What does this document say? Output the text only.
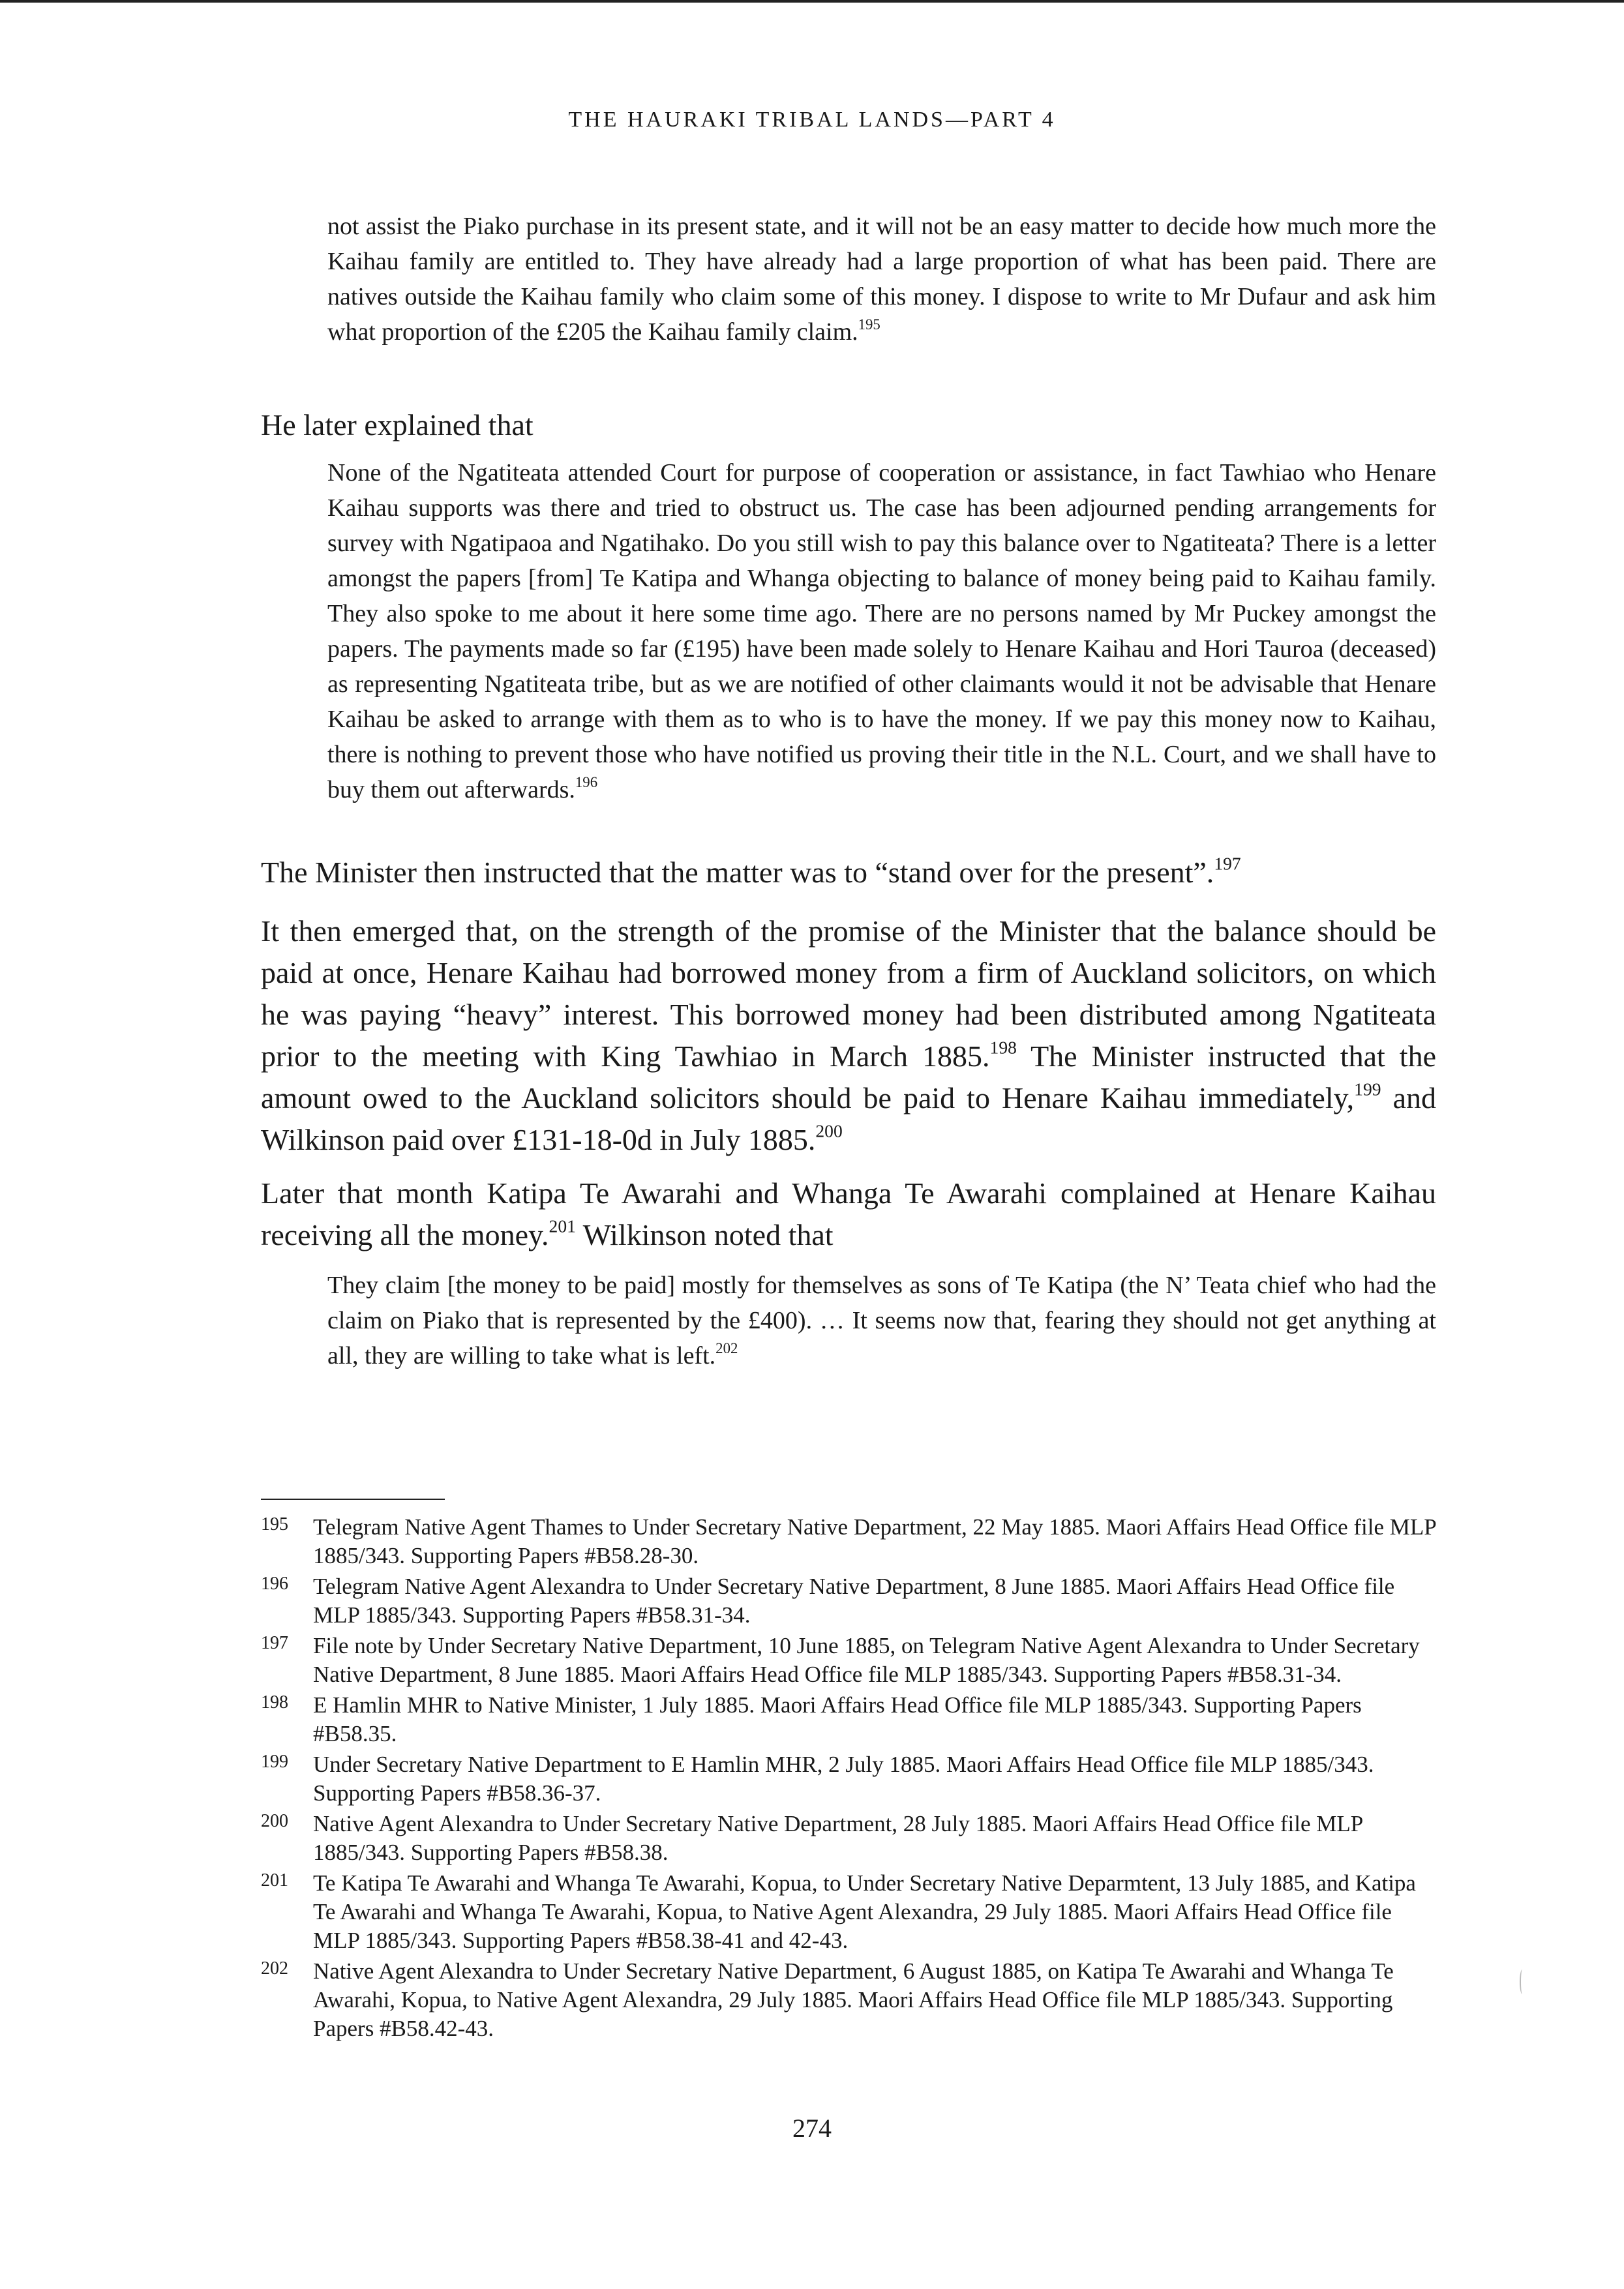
THE HAURAKI TRIBAL LANDS—PART 4

not assist the Piako purchase in its present state, and it will not be an easy matter to decide how much more the Kaihau family are entitled to. They have already had a large proportion of what has been paid. There are natives outside the Kaihau family who claim some of this money. I dispose to write to Mr Dufaur and ask him what proportion of the £205 the Kaihau family claim.$^{195}$

He later explained that

None of the Ngatiteata attended Court for purpose of cooperation or assistance, in fact Tawhiao who Henare Kaihau supports was there and tried to obstruct us. The case has been adjourned pending arrangements for survey with Ngatipaoa and Ngatihako. Do you still wish to pay this balance over to Ngatiteata? There is a letter amongst the papers [from] Te Katipa and Whanga objecting to balance of money being paid to Kaihau family. They also spoke to me about it here some time ago. There are no persons named by Mr Puckey amongst the papers. The payments made so far (£195) have been made solely to Henare Kaihau and Hori Tauroa (deceased) as representing Ngatiteata tribe, but as we are notified of other claimants would it not be advisable that Henare Kaihau be asked to arrange with them as to who is to have the money. If we pay this money now to Kaihau, there is nothing to prevent those who have notified us proving their title in the N.L. Court, and we shall have to buy them out afterwards.$^{196}$

The Minister then instructed that the matter was to “stand over for the present”.$^{197}$

It then emerged that, on the strength of the promise of the Minister that the balance should be paid at once, Henare Kaihau had borrowed money from a firm of Auckland solicitors, on which he was paying “heavy” interest. This borrowed money had been distributed among Ngatiteata prior to the meeting with King Tawhiao in March 1885.$^{198}$ The Minister instructed that the amount owed to the Auckland solicitors should be paid to Henare Kaihau immediately,$^{199}$ and Wilkinson paid over £131-18-0d in July 1885.$^{200}$

Later that month Katipa Te Awarahi and Whanga Te Awarahi complained at Henare Kaihau receiving all the money.$^{201}$ Wilkinson noted that

They claim [the money to be paid] mostly for themselves as sons of Te Katipa (the N’ Teata chief who had the claim on Piako that is represented by the £400). … It seems now that, fearing they should not get anything at all, they are willing to take what is left.$^{202}$

195 Telegram Native Agent Thames to Under Secretary Native Department, 22 May 1885. Maori Affairs Head Office file MLP 1885/343. Supporting Papers #B58.28-30.
196 Telegram Native Agent Alexandra to Under Secretary Native Department, 8 June 1885. Maori Affairs Head Office file MLP 1885/343. Supporting Papers #B58.31-34.
197 File note by Under Secretary Native Department, 10 June 1885, on Telegram Native Agent Alexandra to Under Secretary Native Department, 8 June 1885. Maori Affairs Head Office file MLP 1885/343. Supporting Papers #B58.31-34.
198 E Hamlin MHR to Native Minister, 1 July 1885. Maori Affairs Head Office file MLP 1885/343. Supporting Papers #B58.35.
199 Under Secretary Native Department to E Hamlin MHR, 2 July 1885. Maori Affairs Head Office file MLP 1885/343. Supporting Papers #B58.36-37.
200 Native Agent Alexandra to Under Secretary Native Department, 28 July 1885. Maori Affairs Head Office file MLP 1885/343. Supporting Papers #B58.38.
201 Te Katipa Te Awarahi and Whanga Te Awarahi, Kopua, to Under Secretary Native Deparmtent, 13 July 1885, and Katipa Te Awarahi and Whanga Te Awarahi, Kopua, to Native Agent Alexandra, 29 July 1885. Maori Affairs Head Office file MLP 1885/343. Supporting Papers #B58.38-41 and 42-43.
202 Native Agent Alexandra to Under Secretary Native Department, 6 August 1885, on Katipa Te Awarahi and Whanga Te Awarahi, Kopua, to Native Agent Alexandra, 29 July 1885. Maori Affairs Head Office file MLP 1885/343. Supporting Papers #B58.42-43.
274
